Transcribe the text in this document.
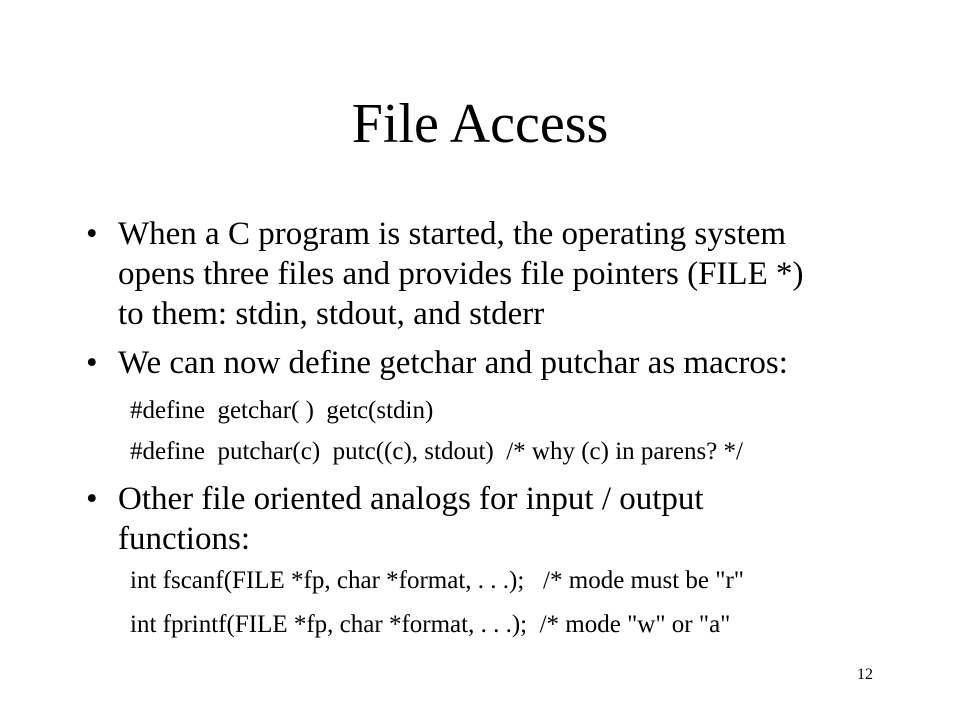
File Access
• When a C program is started, the operating system
opens three files and provides file pointers (FILE *)
to them: stdin, stdout, and stderr
• We can now define getchar and putchar as macros:
#define  getchar( )  getc(stdin)
#define  putchar(c)  putc((c), stdout)  /* why (c) in parens? */
• Other file oriented analogs for input / output
functions:
int fscanf(FILE *fp, char *format, . . .);   /* mode must be "r"
int fprintf(FILE *fp, char *format, . . .);  /* mode "w" or "a"
12
